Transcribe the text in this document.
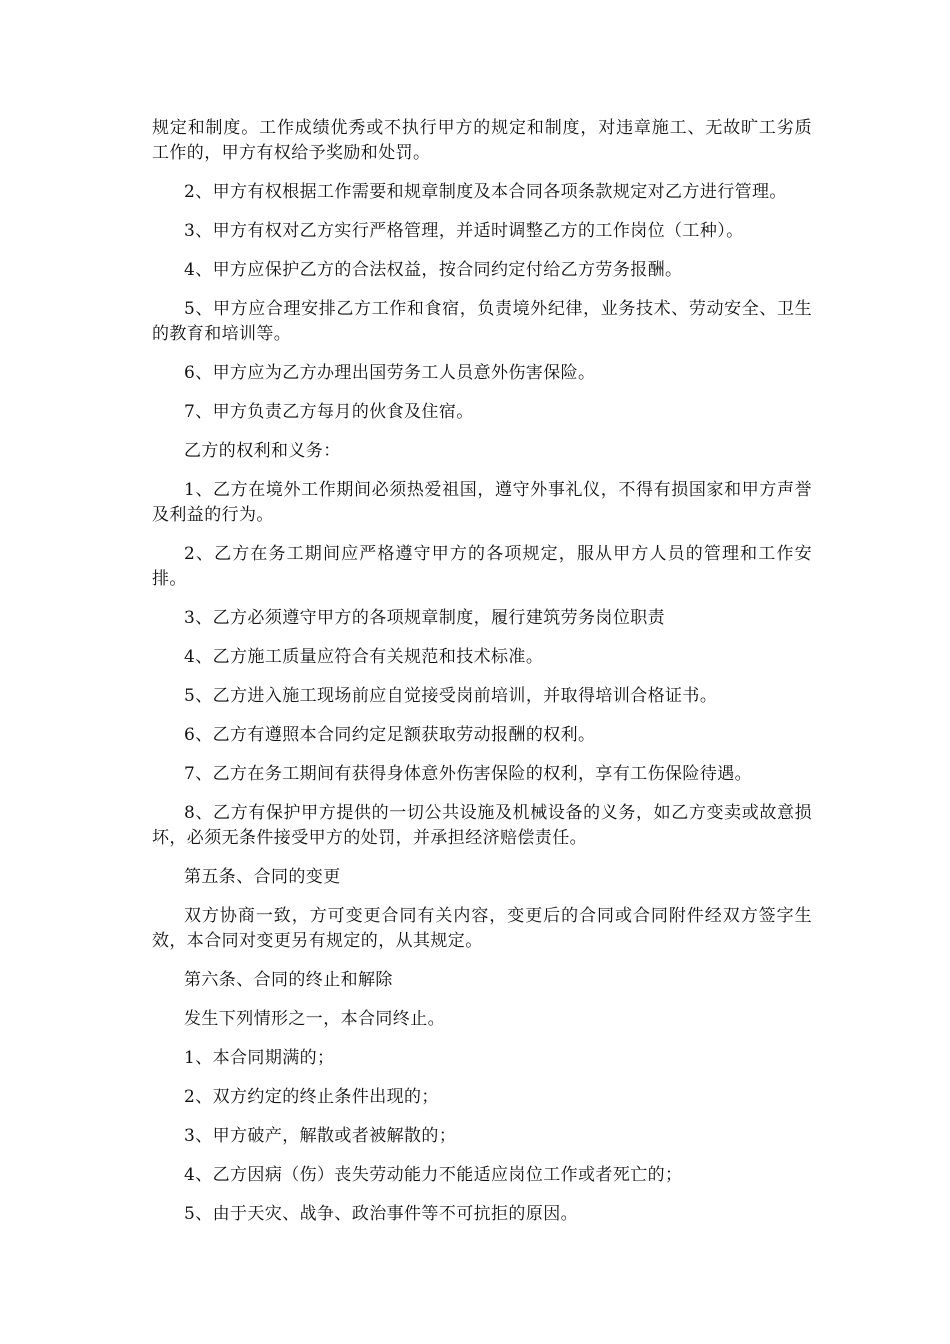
规定和制度。工作成绩优秀或不执行甲方的规定和制度，对违章施工、无故旷工劣质工作的，甲方有权给予奖励和处罚。

2、甲方有权根据工作需要和规章制度及本合同各项条款规定对乙方进行管理。

3、甲方有权对乙方实行严格管理，并适时调整乙方的工作岗位（工种）。

4、甲方应保护乙方的合法权益，按合同约定付给乙方劳务报酬。

5、甲方应合理安排乙方工作和食宿，负责境外纪律，业务技术、劳动安全、卫生的教育和培训等。

6、甲方应为乙方办理出国劳务工人员意外伤害保险。

7、甲方负责乙方每月的伙食及住宿。

乙方的权利和义务：

1、乙方在境外工作期间必须热爱祖国，遵守外事礼仪，不得有损国家和甲方声誉及利益的行为。

2、乙方在务工期间应严格遵守甲方的各项规定，服从甲方人员的管理和工作安排。

3、乙方必须遵守甲方的各项规章制度，履行建筑劳务岗位职责

4、乙方施工质量应符合有关规范和技术标准。

5、乙方进入施工现场前应自觉接受岗前培训，并取得培训合格证书。

6、乙方有遵照本合同约定足额获取劳动报酬的权利。

7、乙方在务工期间有获得身体意外伤害保险的权利，享有工伤保险待遇。

8、乙方有保护甲方提供的一切公共设施及机械设备的义务，如乙方变卖或故意损坏，必须无条件接受甲方的处罚，并承担经济赔偿责任。

第五条、合同的变更

双方协商一致，方可变更合同有关内容，变更后的合同或合同附件经双方签字生效，本合同对变更另有规定的，从其规定。

第六条、合同的终止和解除

发生下列情形之一，本合同终止。

1、本合同期满的；

2、双方约定的终止条件出现的；

3、甲方破产，解散或者被解散的；

4、乙方因病（伤）丧失劳动能力不能适应岗位工作或者死亡的；

5、由于天灾、战争、政治事件等不可抗拒的原因。
